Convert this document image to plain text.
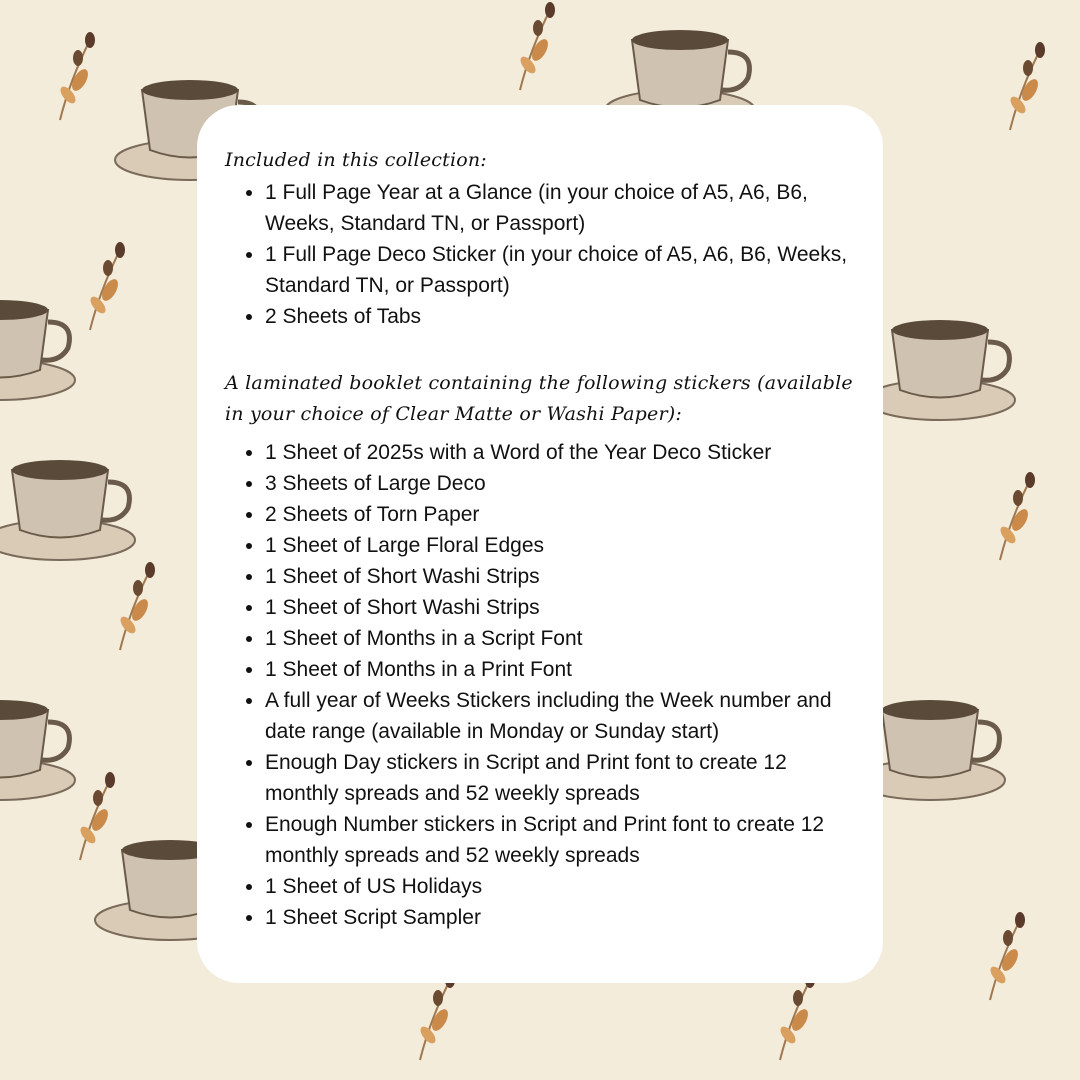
Included in this collection:
• 1 Full Page Year at a Glance (in your choice of A5, A6, B6, Weeks, Standard TN, or Passport)
• 1 Full Page Deco Sticker (in your choice of A5, A6, B6, Weeks, Standard TN, or Passport)
• 2 Sheets of Tabs
A laminated booklet containing the following stickers (available in your choice of Clear Matte or Washi Paper):
• 1 Sheet of 2025s with a Word of the Year Deco Sticker
• 3 Sheets of Large Deco
• 2 Sheets of Torn Paper
• 1 Sheet of Large Floral Edges
• 1 Sheet of Short Washi Strips
• 1 Sheet of Short Washi Strips
• 1 Sheet of Months in a Script Font
• 1 Sheet of Months in a Print Font
• A full year of Weeks Stickers including the Week number and date range (available in Monday or Sunday start)
• Enough Day stickers in Script and Print font to create 12 monthly spreads and 52 weekly spreads
• Enough Number stickers in Script and Print font to create 12 monthly spreads and 52 weekly spreads
• 1 Sheet of US Holidays
• 1 Sheet Script Sampler
